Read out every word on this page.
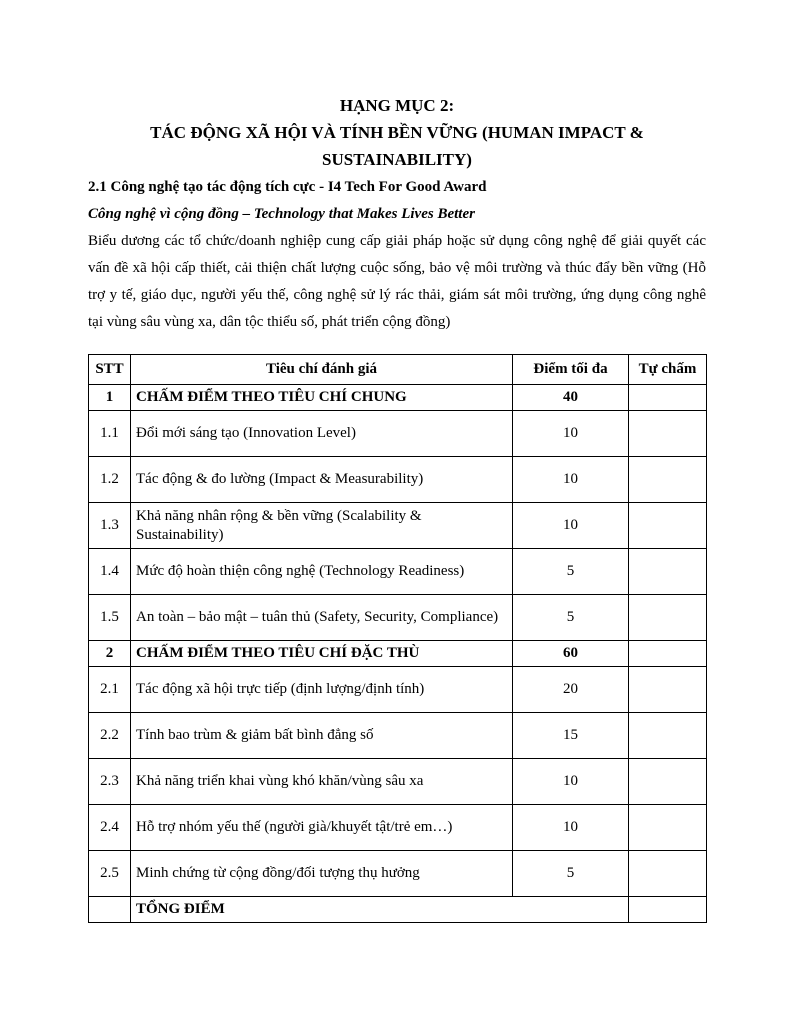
HẠNG MỤC 2:
TÁC ĐỘNG XÃ HỘI VÀ TÍNH BỀN VỮNG (HUMAN IMPACT &
SUSTAINABILITY)
2.1 Công nghệ tạo tác động tích cực - I4 Tech For Good Award
Công nghệ vì cộng đồng – Technology that Makes Lives Better

Biểu dương các tổ chức/doanh nghiệp cung cấp giải pháp hoặc sử dụng công nghệ để giải quyết các vấn đề xã hội cấp thiết, cải thiện chất lượng cuộc sống, bảo vệ môi trường và thúc đẩy bền vững (Hỗ trợ y tế, giáo dục, người yếu thế, công nghệ sử lý rác thải, giám sát môi trường, ứng dụng công nghê tại vùng sâu vùng xa, dân tộc thiểu số, phát triển cộng đồng)

STT	Tiêu chí đánh giá	Điểm tối đa	Tự chấm
1	CHẤM ĐIỂM THEO TIÊU CHÍ CHUNG	40	
1.1	Đổi mới sáng tạo (Innovation Level)	10	
1.2	Tác động & đo lường (Impact & Measurability)	10	
1.3	Khả năng nhân rộng & bền vững (Scalability & Sustainability)	10	
1.4	Mức độ hoàn thiện công nghệ (Technology Readiness)	5	
1.5	An toàn – bảo mật – tuân thủ (Safety, Security, Compliance)	5	
2	CHẤM ĐIỂM THEO TIÊU CHÍ ĐẶC THÙ	60	
2.1	Tác động xã hội trực tiếp (định lượng/định tính)	20	
2.2	Tính bao trùm & giảm bất bình đẳng số	15	
2.3	Khả năng triển khai vùng khó khăn/vùng sâu xa	10	
2.4	Hỗ trợ nhóm yếu thế (người già/khuyết tật/trẻ em…)	10	
2.5	Minh chứng từ cộng đồng/đối tượng thụ hưởng	5	
	TỔNG ĐIỂM		
